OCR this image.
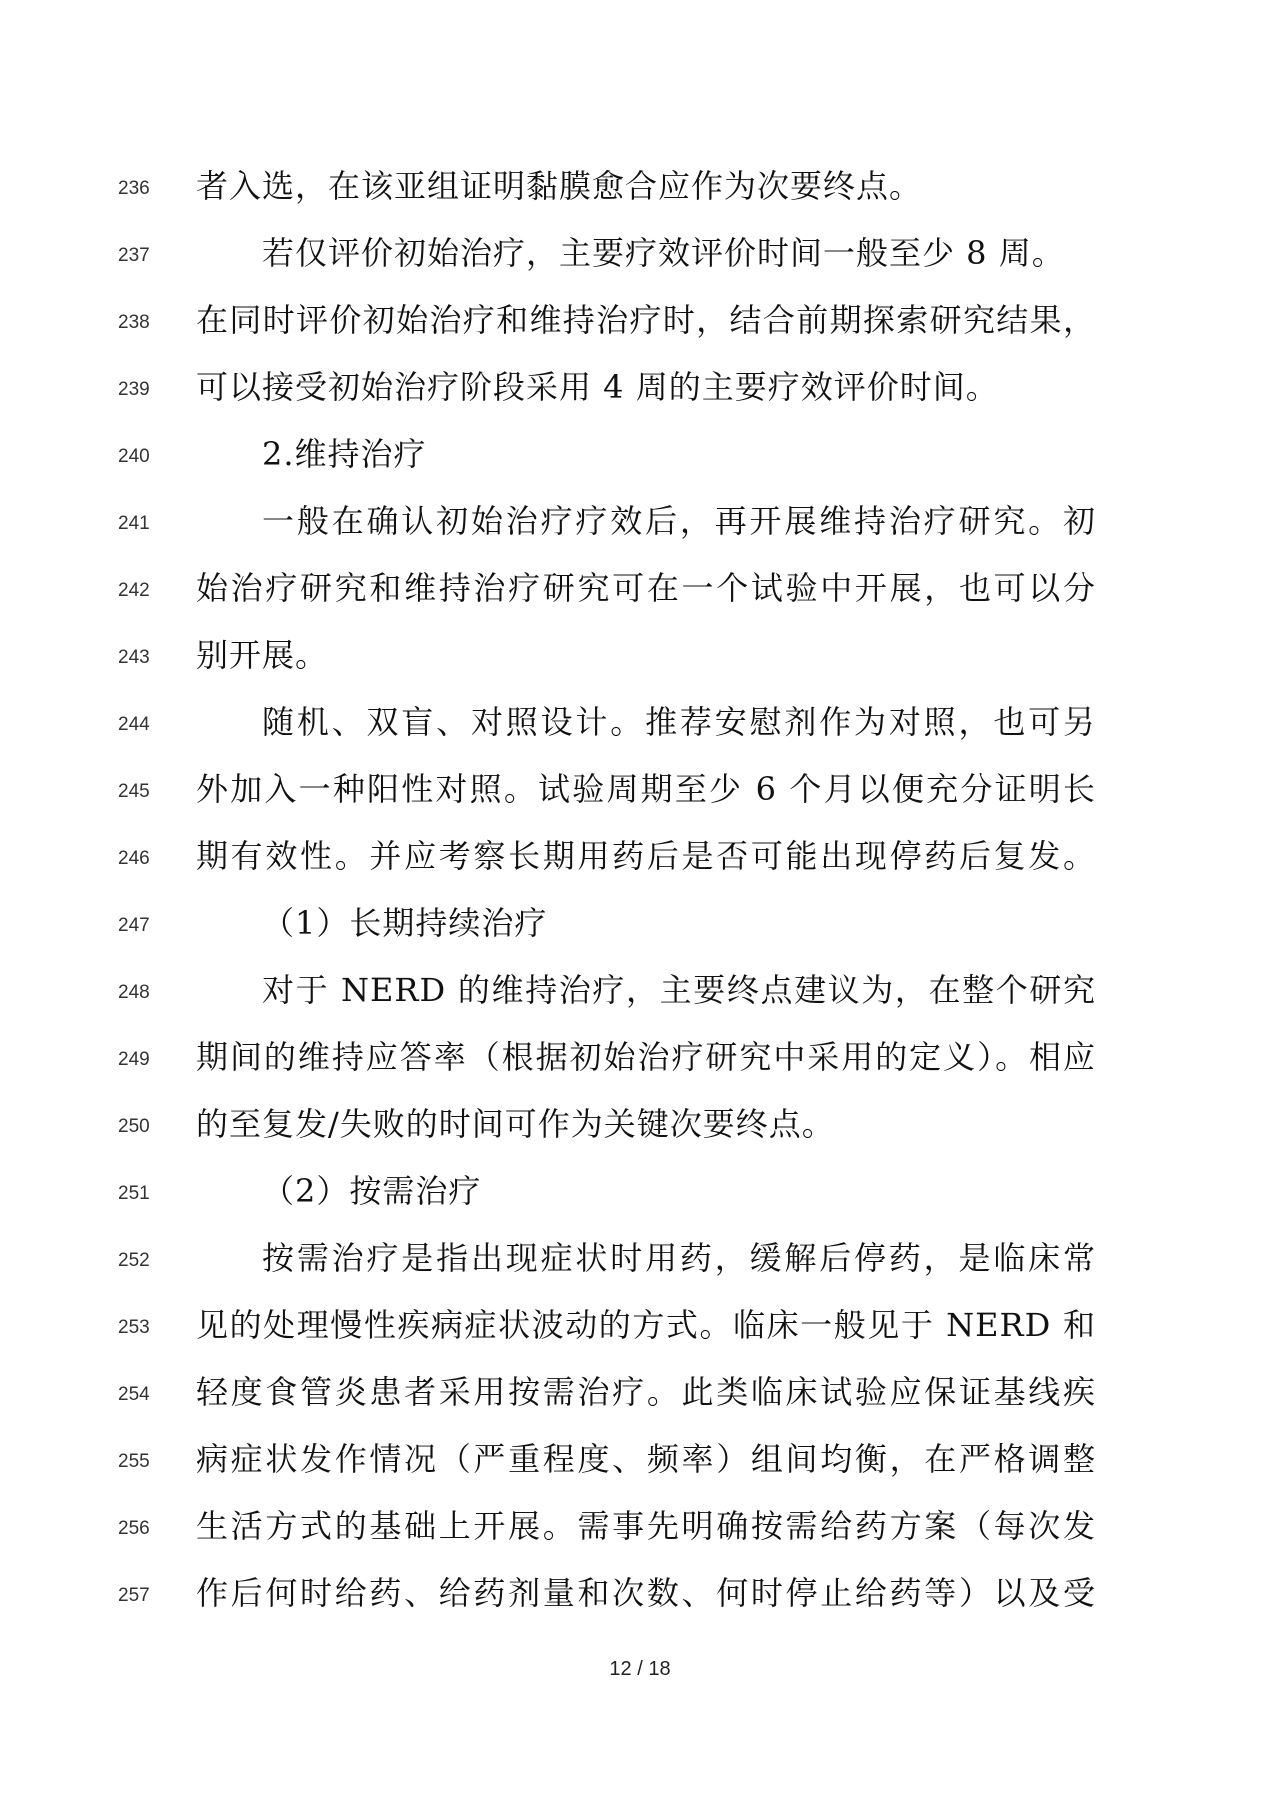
236 者入选，在该亚组证明黏膜愈合应作为次要终点。
237	若仅评价初始治疗，主要疗效评价时间一般至少 8 周。
238 在同时评价初始治疗和维持治疗时，结合前期探索研究结果，
239 可以接受初始治疗阶段采用 4 周的主要疗效评价时间。
240	2.维持治疗
241	一般在确认初始治疗疗效后，再开展维持治疗研究。初
242 始治疗研究和维持治疗研究可在一个试验中开展，也可以分
243 别开展。
244	随机、双盲、对照设计。推荐安慰剂作为对照，也可另
245 外加入一种阳性对照。试验周期至少 6 个月以便充分证明长
246 期有效性。并应考察长期用药后是否可能出现停药后复发。
247	（1）长期持续治疗
248	对于 NERD 的维持治疗，主要终点建议为，在整个研究
249 期间的维持应答率（根据初始治疗研究中采用的定义）。相应
250 的至复发/失败的时间可作为关键次要终点。
251	（2）按需治疗
252	按需治疗是指出现症状时用药，缓解后停药，是临床常
253 见的处理慢性疾病症状波动的方式。临床一般见于 NERD 和
254 轻度食管炎患者采用按需治疗。此类临床试验应保证基线疾
255 病症状发作情况（严重程度、频率）组间均衡，在严格调整
256 生活方式的基础上开展。需事先明确按需给药方案（每次发
257 作后何时给药、给药剂量和次数、何时停止给药等）以及受
12 / 18
